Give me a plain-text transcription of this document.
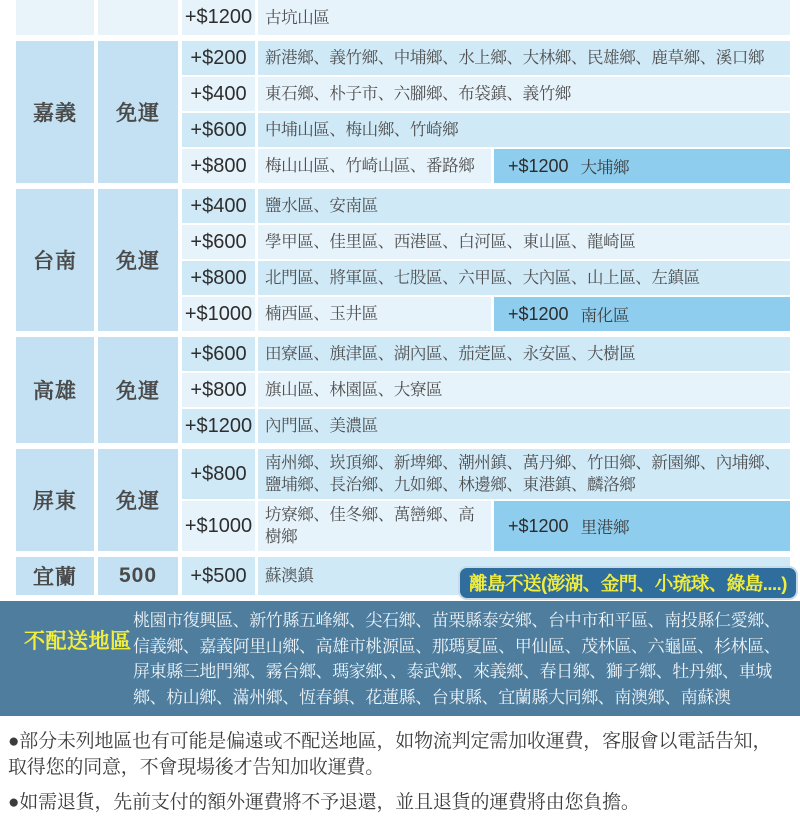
+$1200 古坑山區
嘉義	免運
+$200	新港鄉、義竹鄉、中埔鄉、水上鄉、大林鄉、民雄鄉、鹿草鄉、溪口鄉
+$400	東石鄉、朴子市、六腳鄉、布袋鎮、義竹鄉
+$600	中埔山區、梅山鄉、竹崎鄉
+$800	梅山山區、竹崎山區、番路鄉	+$1200 大埔鄉
台南	免運
+$400	鹽水區、安南區
+$600	學甲區、佳里區、西港區、白河區、東山區、龍崎區
+$800	北門區、將軍區、七股區、六甲區、大內區、山上區、左鎮區
+$1000 楠西區、玉井區	+$1200 南化區
高雄	免運
+$600	田寮區、旗津區、湖內區、茄萣區、永安區、大樹區
+$800	旗山區、林園區、大寮區
+$1200 內門區、美濃區
屏東	免運
+$800	南州鄉、崁頂鄉、新埤鄉、潮州鎮、萬丹鄉、竹田鄉、新園鄉、內埔鄉、鹽埔鄉、長治鄉、九如鄉、林邊鄉、東港鎮、麟洛鄉
+$1000 坊寮鄉、佳冬鄉、萬巒鄉、高樹鄉
+$1200 里港鄉
宜蘭	500	+$500	蘇澳鎮	離島不送(澎湖、金門、小琉球、綠島....)
不配送地區
桃園市復興區、新竹縣五峰鄉、尖石鄉、苗栗縣泰安鄉、台中市和平區、南投縣仁愛鄉、信義鄉、嘉義阿里山鄉、高雄市桃源區、那瑪夏區、甲仙區、茂林區、六龜區、杉林區、屏東縣三地門鄉、霧台鄉、瑪家鄉、、泰武鄉、來義鄉、春日鄉、獅子鄉、牡丹鄉、車城鄉、枋山鄉、滿州鄉、恆春鎮、花蓮縣、台東縣、宜蘭縣大同鄉、南澳鄉、南蘇澳

●部分未列地區也有可能是偏遠或不配送地區，如物流判定需加收運費，客服會以電話告知，取得您的同意，不會現場後才告知加收運費。

●如需退貨，先前支付的額外運費將不予退還，並且退貨的運費將由您負擔。
